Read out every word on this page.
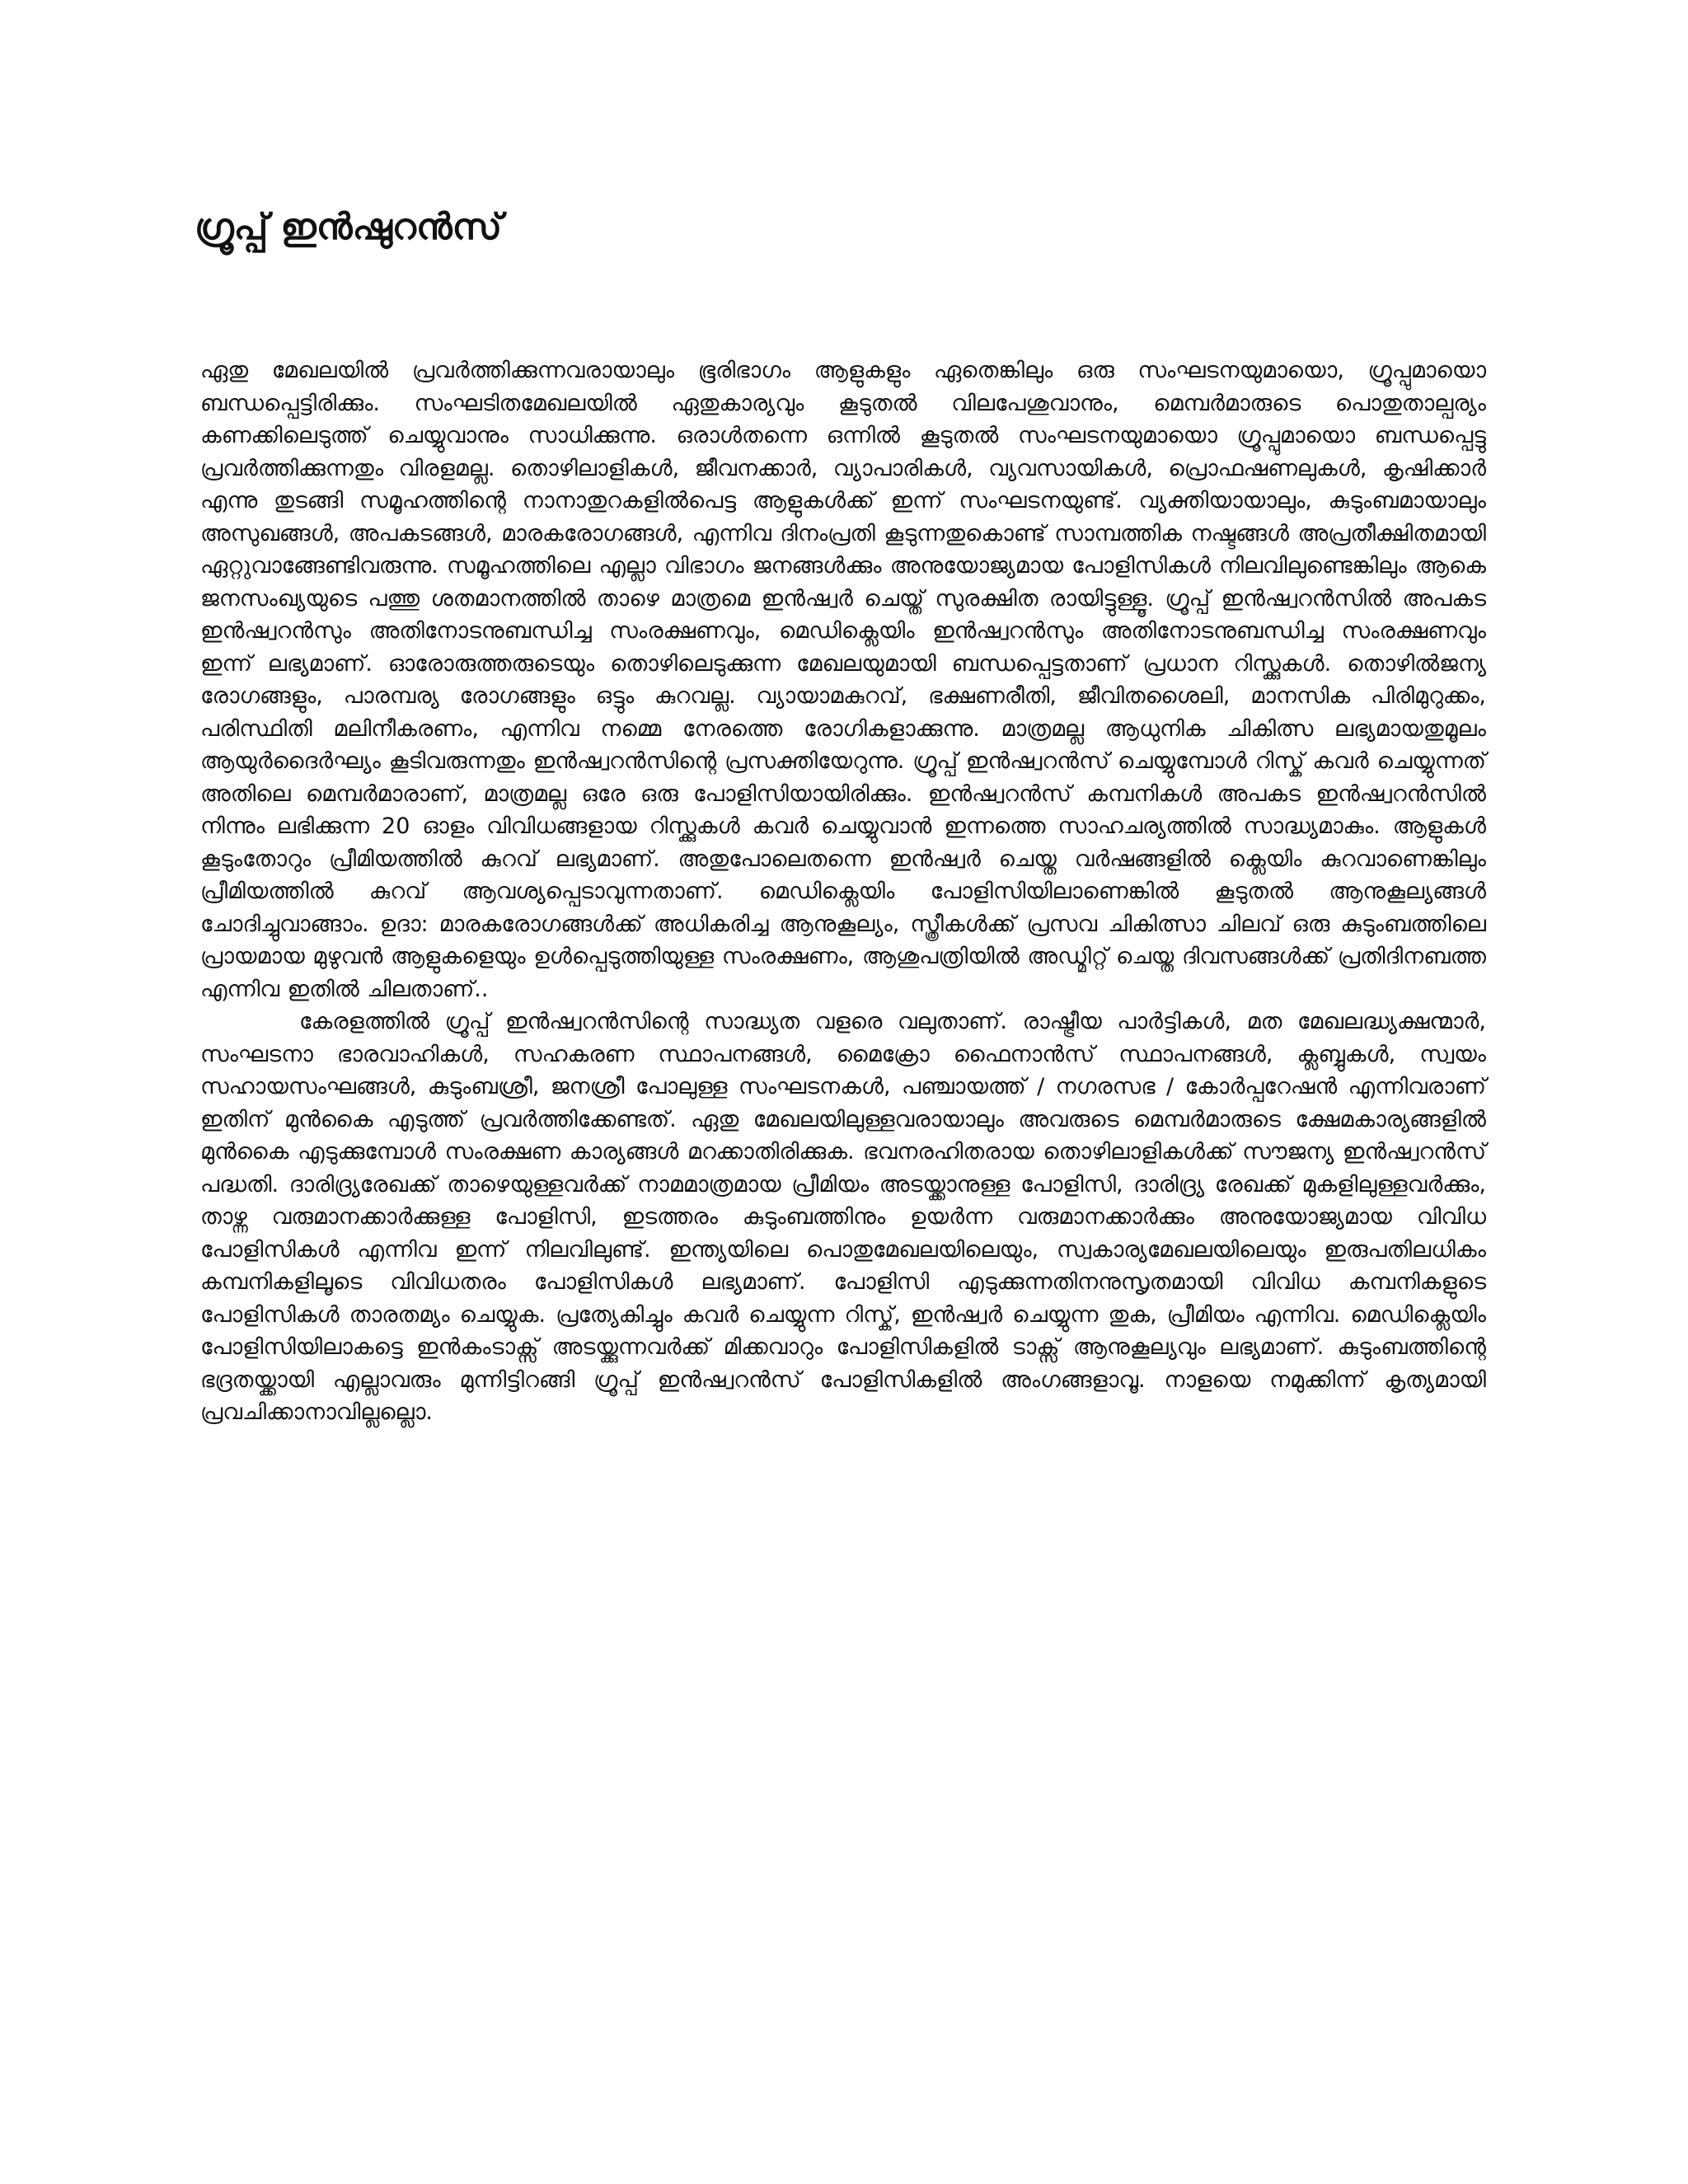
ഗ്രൂപ്പ് ഇൻഷുറൻസ്

ഏതു മേഖലയിൽ പ്രവർത്തിക്കുന്നവരായാലും ഭൂരിഭാഗം ആളുകളും ഏതെങ്കിലും ഒരു സംഘടനയുമായൊ, ഗ്രൂപ്പുമായൊ ബന്ധപ്പെട്ടിരിക്കും. സംഘടിതമേഖലയിൽ ഏതുകാര്യവും കൂടുതൽ വിലപേശുവാനും, മെമ്പർമാരുടെ പൊതുതാല്പര്യം കണക്കിലെടുത്ത് ചെയ്യുവാനും സാധിക്കുന്നു. ഒരാൾതന്നെ ഒന്നിൽ കൂടുതൽ സംഘടനയുമായൊ ഗ്രൂപ്പുമായൊ ബന്ധപ്പെട്ടു പ്രവർത്തിക്കുന്നതും വിരളമല്ല. തൊഴിലാളികൾ, ജീവനക്കാർ, വ്യാപാരികൾ, വ്യവസായികൾ, പ്രൊഫഷണലുകൾ, കൃഷിക്കാർ എന്നു തുടങ്ങി സമൂഹത്തിന്റെ നാനാതുറകളിൽപെട്ട ആളുകൾക്ക് ഇന്ന് സംഘടനയുണ്ട്. വ്യക്തിയായാലും, കുടുംബമായാലും അസുഖങ്ങൾ, അപകടങ്ങൾ, മാരകരോഗങ്ങൾ, എന്നിവ ദിനംപ്രതി കൂടുന്നതുകൊണ്ട് സാമ്പത്തിക നഷ്ടങ്ങൾ അപ്രതീക്ഷിതമായി ഏറ്റുവാങ്ങേണ്ടിവരുന്നു. സമൂഹത്തിലെ എല്ലാ വിഭാഗം ജനങ്ങൾക്കും അനുയോജ്യമായ പോളിസികൾ നിലവിലുണ്ടെങ്കിലും ആകെ ജനസംഖ്യയുടെ പത്തു ശതമാനത്തിൽ താഴെ മാത്രമെ ഇൻഷ്വർ ചെയ്ത് സുരക്ഷിത രായിട്ടുള്ളൂ. ഗ്രൂപ്പ് ഇൻഷ്വറൻസിൽ അപകട ഇൻഷ്വറൻസും അതിനോടനുബന്ധിച്ച സംരക്ഷണവും, മെഡിക്ലെയിം ഇൻഷ്വറൻസും അതിനോടനുബന്ധിച്ച സംരക്ഷണവും ഇന്ന് ലഭ്യമാണ്. ഓരോരുത്തരുടെയും തൊഴിലെടുക്കുന്ന മേഖലയുമായി ബന്ധപ്പെട്ടതാണ് പ്രധാന റിസ്ക്കുകൾ. തൊഴിൽജന്യ രോഗങ്ങളും, പാരമ്പര്യ രോഗങ്ങളും ഒട്ടും കുറവല്ല. വ്യായാമകുറവ്, ഭക്ഷണരീതി, ജീവിതശൈലി, മാനസിക പിരിമുറുക്കം, പരിസ്ഥിതി മലിനീകരണം, എന്നിവ നമ്മെ നേരത്തെ രോഗികളാക്കുന്നു. മാത്രമല്ല ആധുനിക ചികിത്സ ലഭ്യമായതുമൂലം ആയുർദൈർഘ്യം കൂടിവരുന്നതും ഇൻഷ്വറൻസിന്റെ പ്രസക്തിയേറുന്നു. ഗ്രൂപ്പ് ഇൻഷ്വറൻസ് ചെയ്യുമ്പോൾ റിസ്ക് കവർ ചെയ്യുന്നത് അതിലെ മെമ്പർമാരാണ്, മാത്രമല്ല ഒരേ ഒരു പോളിസിയായിരിക്കും. ഇൻഷ്വറൻസ് കമ്പനികൾ അപകട ഇൻഷ്വറൻസിൽ നിന്നും ലഭിക്കുന്ന 20 ഓളം വിവിധങ്ങളായ റിസ്ക്കുകൾ കവർ ചെയ്യുവാൻ ഇന്നത്തെ സാഹചര്യത്തിൽ സാദ്ധ്യമാകും. ആളുകൾ കൂടുംതോറും പ്രീമിയത്തിൽ കുറവ് ലഭ്യമാണ്. അതുപോലെതന്നെ ഇൻഷ്വർ ചെയ്ത വർഷങ്ങളിൽ ക്ലെയിം കുറവാണെങ്കിലും പ്രീമിയത്തിൽ കുറവ് ആവശ്യപ്പെടാവുന്നതാണ്. മെഡിക്ലെയിം പോളിസിയിലാണെങ്കിൽ കൂടുതൽ ആനുകൂല്യങ്ങൾ ചോദിച്ചുവാങ്ങാം. ഉദാ: മാരകരോഗങ്ങൾക്ക് അധികരിച്ച ആനുകൂല്യം, സ്ത്രീകൾക്ക് പ്രസവ ചികിത്സാ ചിലവ് ഒരു കുടുംബത്തിലെ പ്രായമായ മുഴുവൻ ആളുകളെയും ഉൾപ്പെടുത്തിയുള്ള സംരക്ഷണം, ആശുപത്രിയിൽ അഡ്മിറ്റ് ചെയ്ത ദിവസങ്ങൾക്ക് പ്രതിദിനബത്ത എന്നിവ ഇതിൽ ചിലതാണ്..

കേരളത്തിൽ ഗ്രൂപ്പ് ഇൻഷ്വറൻസിന്റെ സാദ്ധ്യത വളരെ വലുതാണ്. രാഷ്ട്രീയ പാർട്ടികൾ, മത മേഖലദ്ധ്യക്ഷന്മാർ, സംഘടനാ ഭാരവാഹികൾ, സഹകരണ സ്ഥാപനങ്ങൾ, മൈക്രോ ഫൈനാൻസ് സ്ഥാപനങ്ങൾ, ക്ലബ്ബുകൾ, സ്വയം സഹായസംഘങ്ങൾ, കുടുംബശ്രീ, ജനശ്രീ പോലുള്ള സംഘടനകൾ, പഞ്ചായത്ത് / നഗരസഭ / കോർപ്പറേഷൻ എന്നിവരാണ് ഇതിന് മുൻകൈ എടുത്ത് പ്രവർത്തിക്കേണ്ടത്. ഏതു മേഖലയിലുള്ളവരായാലും അവരുടെ മെമ്പർമാരുടെ ക്ഷേമകാര്യങ്ങളിൽ മുൻകൈ എടുക്കുമ്പോൾ സംരക്ഷണ കാര്യങ്ങൾ മറക്കാതിരിക്കുക. ഭവനരഹിതരായ തൊഴിലാളികൾക്ക് സൗജന്യ ഇൻഷ്വറൻസ് പദ്ധതി. ദാരിദ്ര്യരേഖക്ക് താഴെയുള്ളവർക്ക് നാമമാത്രമായ പ്രീമിയം അടയ്ക്കാനുള്ള പോളിസി, ദാരിദ്ര്യ രേഖക്ക് മുകളിലുള്ളവർക്കും, താഴ്ന്ന വരുമാനക്കാർക്കുള്ള പോളിസി, ഇടത്തരം കുടുംബത്തിനും ഉയർന്ന വരുമാനക്കാർക്കും അനുയോജ്യമായ വിവിധ പോളിസികൾ എന്നിവ ഇന്ന് നിലവിലുണ്ട്. ഇന്ത്യയിലെ പൊതുമേഖലയിലെയും, സ്വകാര്യമേഖലയിലെയും ഇരുപതിലധികം കമ്പനികളിലൂടെ വിവിധതരം പോളിസികൾ ലഭ്യമാണ്. പോളിസി എടുക്കുന്നതിനനുസൃതമായി വിവിധ കമ്പനികളുടെ പോളിസികൾ താരതമ്യം ചെയ്യുക. പ്രത്യേകിച്ചും കവർ ചെയ്യുന്ന റിസ്ക്, ഇൻഷ്വർ ചെയ്യുന്ന തുക, പ്രീമിയം എന്നിവ. മെഡിക്ലെയിം പോളിസിയിലാകട്ടെ ഇൻകംടാക്സ് അടയ്ക്കുന്നവർക്ക് മിക്കവാറും പോളിസികളിൽ ടാക്സ് ആനുകൂല്യവും ലഭ്യമാണ്. കുടുംബത്തിന്റെ ഭദ്രതയ്ക്കായി എല്ലാവരും മുന്നിട്ടിറങ്ങി ഗ്രൂപ്പ് ഇൻഷ്വറൻസ് പോളിസികളിൽ അംഗങ്ങളാവൂ. നാളയെ നമുക്കിന്ന് കൃത്യമായി പ്രവചിക്കാനാവില്ലല്ലൊ.
